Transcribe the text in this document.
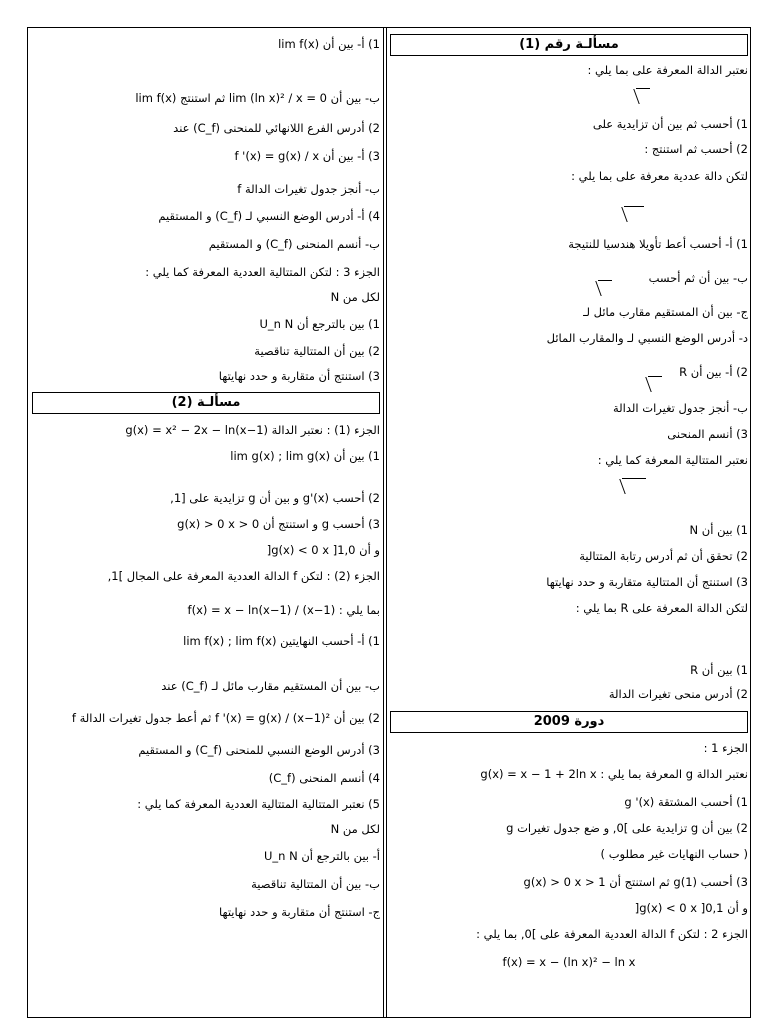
1) أ- بين أن lim f(x)
ب- بين أن 0 = lim (ln x)² / x ثم استنتج lim f(x)
2) أدرس الفرع اللانهائي للمنحنى (C_f) عند
3) أ- بين أن f '(x) = g(x) / x
ب- أنجز جدول تغيرات الدالة f
4) أ- أدرس الوضع النسبي لـ (C_f) و المستقيم
ب- أنسم المنحنى (C_f) و المستقيم
الجزء 3 : لتكن المتتالية العددية المعرفة كما يلي :
لكل من N
1) بين بالترجع أن U_n N
2) بين أن المتتالية تناقصية
3) استنتج أن متقاربة و حدد نهايتها
مسألـة (2)
الجزء (1) : نعتبر الدالة g(x) = x² − 2x − ln(x−1)
1) بين أن lim g(x) ; lim g(x)
2) أحسب g'(x) و بين أن g تزايدية على [1,
3) أحسب g و استنتج أن g(x) > 0 x > 0
و أن g(x) < 0 x ]1,0[
الجزء (2) : لتكن f الدالة العددية المعرفة على المجال ]1,
بما يلي : f(x) = x − ln(x−1) / (x−1)
1) أ- أحسب النهايتين lim f(x) ; lim f(x)
ب- بين أن المستقيم مقارب مائل لـ (C_f) عند
2) بين أن f '(x) = g(x) / (x−1)² ثم أعط جدول تغيرات الدالة f
3) أدرس الوضع النسبي للمنحنى (C_f) و المستقيم
4) أنسم المنحنى (C_f)
5) نعتبر المتتالية المتتالية العددية المعرفة كما يلي :
لكل من N
أ- بين بالترجع أن U_n N
ب- بين أن المتتالية تناقصية
ج- استنتج أن متقاربة و حدد نهايتها
مسألـة رقم (1)
نعتبر الدالة المعرفة على بما يلي :
1) أحسب ثم بين أن تزايدية على
2) أحسب ثم استنتج :
لتكن دالة عددية معرفة على بما يلي :
1) أ- أحسب أعط تأويلا هندسيا للنتيجة
ب- بين أن ثم أحسب
ج- بين أن المستقيم مقارب مائل لـ
د- أدرس الوضع النسبي لـ والمقارب المائل
2) أ- بين أن R
ب- أنجز جدول تغيرات الدالة
3) أنسم المنحنى
نعتبر المتتالية المعرفة كما يلي :
1) بين أن N
2) تحقق أن ثم أدرس رتابة المتتالية
3) استنتج أن المتتالية متقاربة و حدد نهايتها
لتكن الدالة المعرفة على R بما يلي :
1) بين أن R
2) أدرس منحى تغيرات الدالة
دورة 2009
الجزء 1 :
نعتبر الدالة g المعرفة بما يلي : g(x) = x − 1 + 2ln x
1) أحسب المشتقة g '(x)
2) بين أن g تزايدية على ]0, و ضع جدول تغيرات g
( حساب النهايات غير مطلوب )
3) أحسب g(1) ثم استنتج أن g(x) > 0 x > 1
و أن g(x) < 0 x ]0,1[
الجزء 2 : لتكن f الدالة العددية المعرفة على ]0, بما يلي :
f(x) = x − (ln x)² − ln x
